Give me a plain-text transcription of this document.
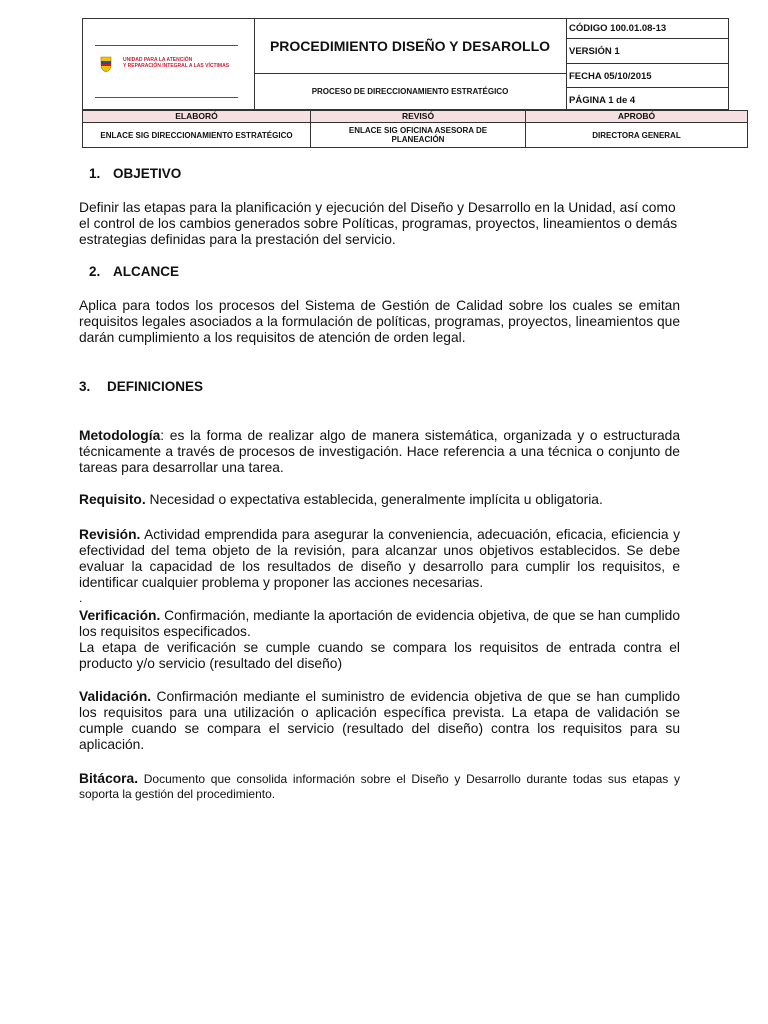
UNIDAD PARA LA ATENCIÓN
Y REPARACIÓN INTEGRAL A LAS VÍCTIMAS
PROCEDIMIENTO DISEÑO Y DESAROLLO
PROCESO DE DIRECCIONAMIENTO ESTRATÉGICO
CÓDIGO 100.01.08-13
VERSIÓN 1
FECHA 05/10/2015
PÁGINA 1 de 4
ELABORÓ
ENLACE SIG DIRECCIONAMIENTO ESTRATÉGICO
REVISÓ
ENLACE SIG OFICINA ASESORA DE PLANEACIÓN
APROBÓ
DIRECTORA GENERAL
1. OBJETIVO
Definir las etapas para la planificación y ejecución del Diseño y Desarrollo en la Unidad, así como el control de los cambios generados sobre Políticas, programas, proyectos, lineamientos o demás estrategias definidas para la prestación del servicio.
2. ALCANCE
Aplica para todos los procesos del Sistema de Gestión de Calidad sobre los cuales se emitan requisitos legales asociados a la formulación de políticas, programas, proyectos, lineamientos que darán cumplimiento a los requisitos de atención de orden legal.
3. DEFINICIONES
Metodología: es la forma de realizar algo de manera sistemática, organizada y o estructurada técnicamente a través de procesos de investigación. Hace referencia a una técnica o conjunto de tareas para desarrollar una tarea.
Requisito. Necesidad o expectativa establecida, generalmente implícita u obligatoria.
Revisión. Actividad emprendida para asegurar la conveniencia, adecuación, eficacia, eficiencia y efectividad del tema objeto de la revisión, para alcanzar unos objetivos establecidos. Se debe evaluar la capacidad de los resultados de diseño y desarrollo para cumplir los requisitos, e identificar cualquier problema y proponer las acciones necesarias.
.
Verificación. Confirmación, mediante la aportación de evidencia objetiva, de que se han cumplido los requisitos especificados.
La etapa de verificación se cumple cuando se compara los requisitos de entrada contra el producto y/o servicio (resultado del diseño)
Validación. Confirmación mediante el suministro de evidencia objetiva de que se han cumplido los requisitos para una utilización o aplicación específica prevista. La etapa de validación se cumple cuando se compara el servicio (resultado del diseño) contra los requisitos para su aplicación.
Bitácora. Documento que consolida información sobre el Diseño y Desarrollo durante todas sus etapas y soporta la gestión del procedimiento.
